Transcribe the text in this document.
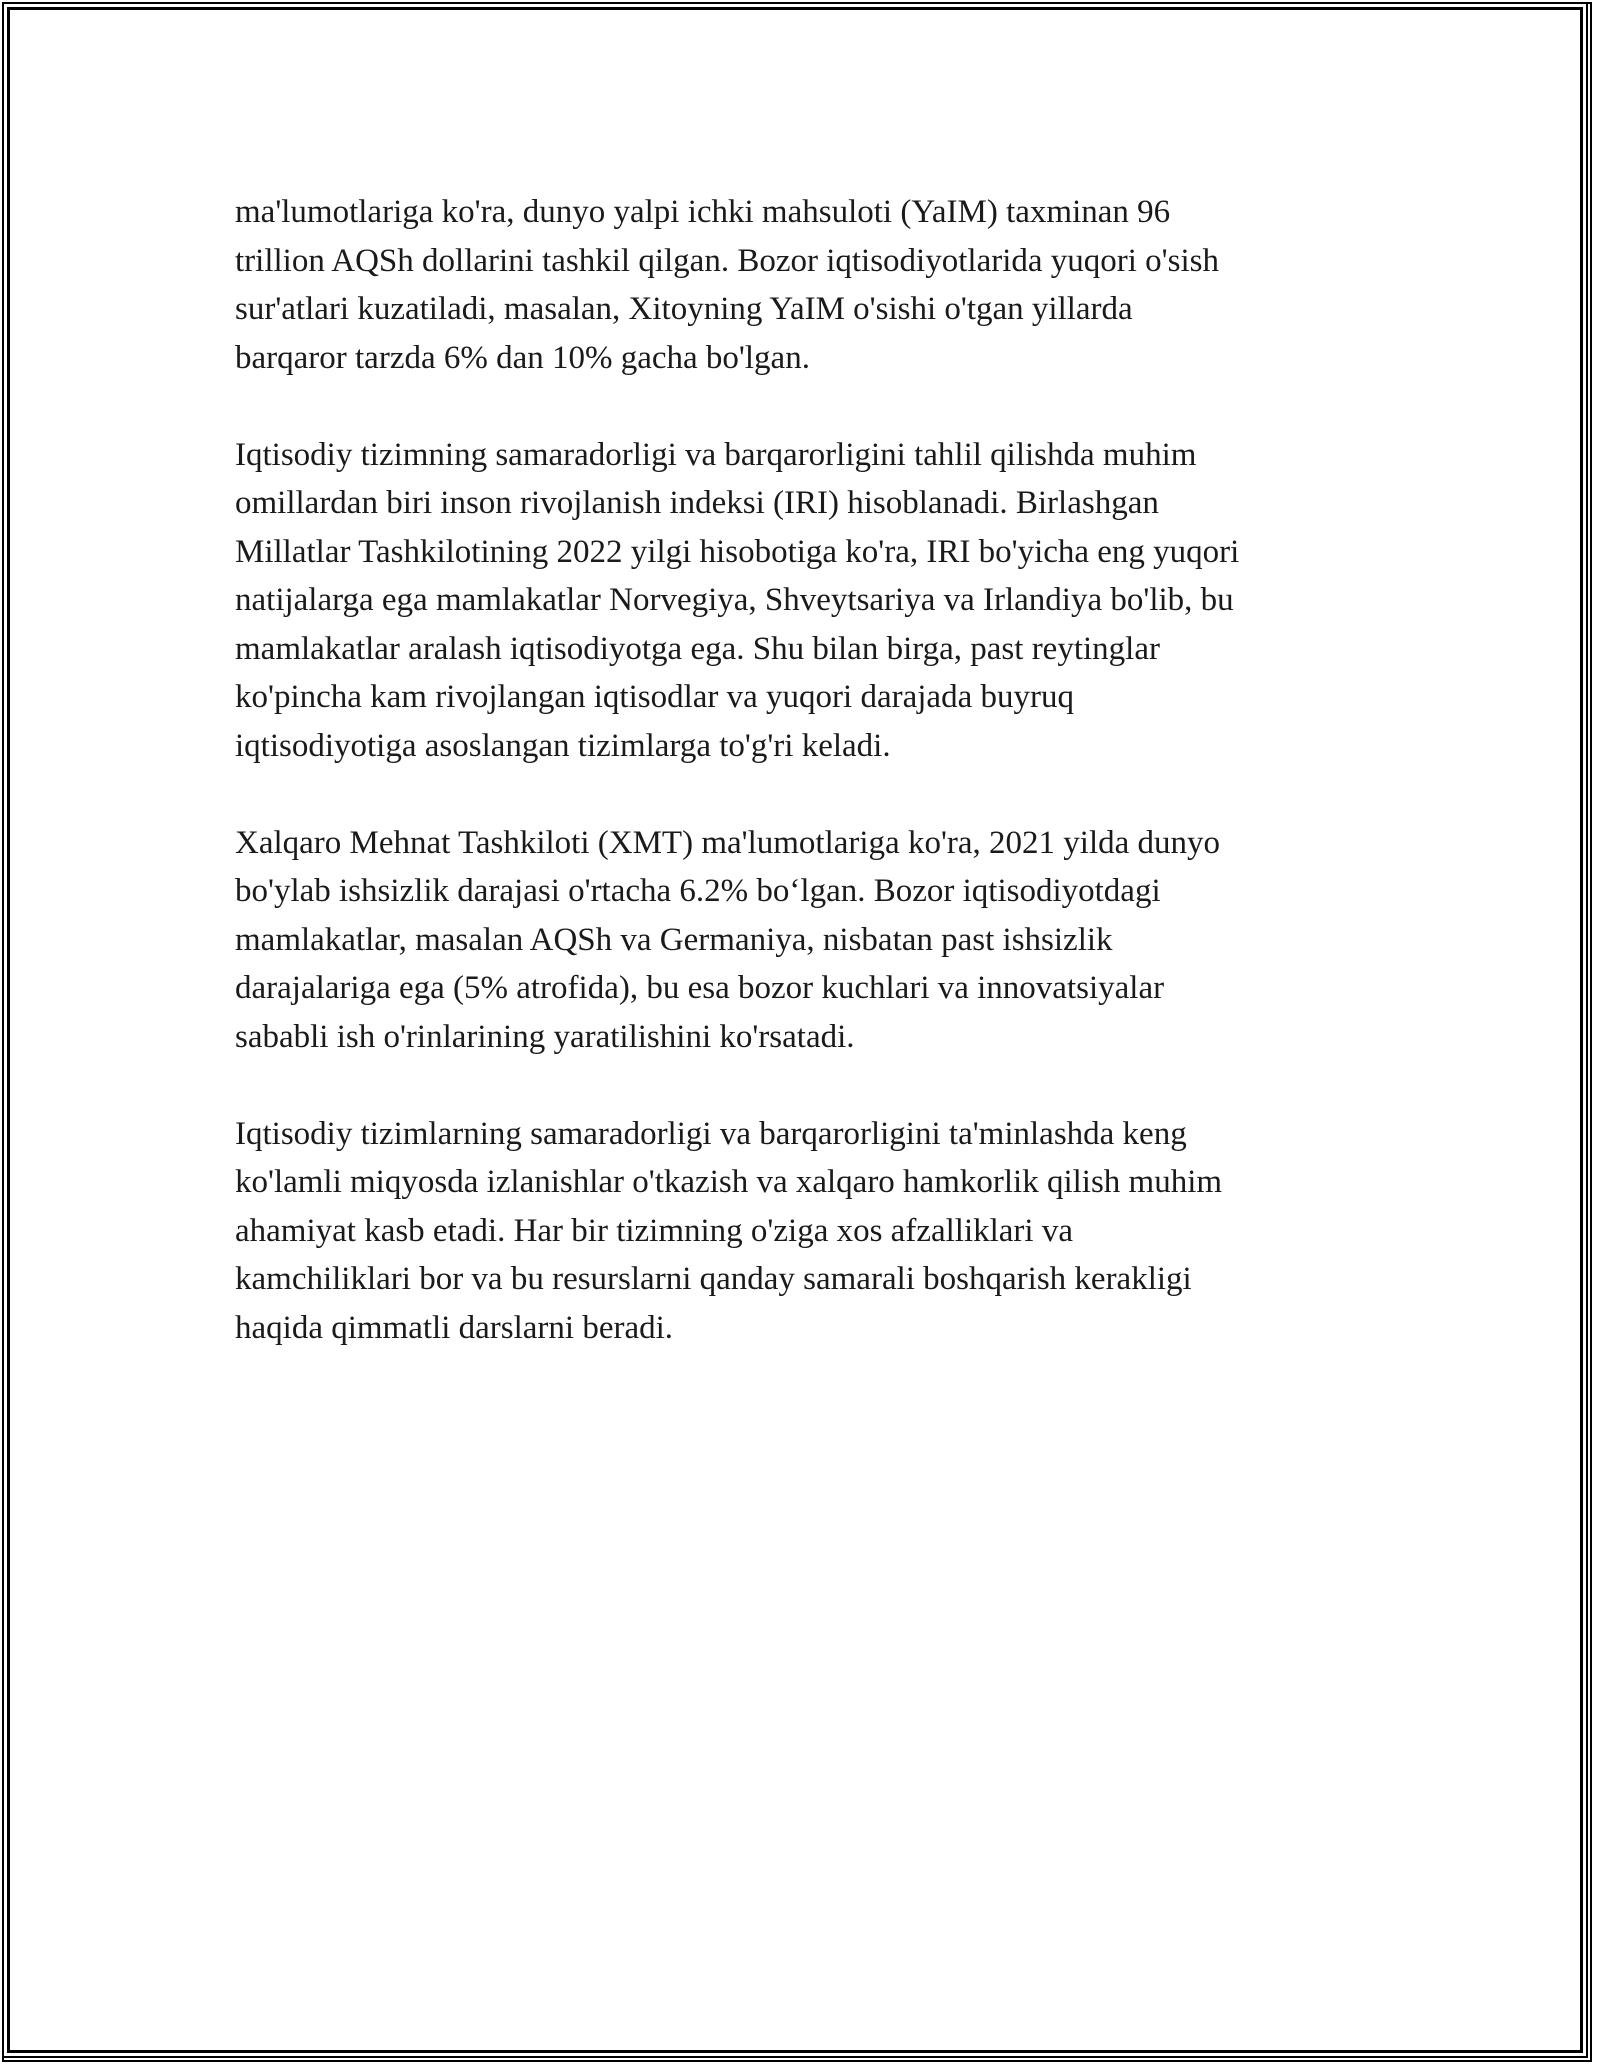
ma'lumotlariga ko'ra, dunyo yalpi ichki mahsuloti (YaIM) taxminan 96
trillion AQSh dollarini tashkil qilgan. Bozor iqtisodiyotlarida yuqori o'sish
sur'atlari kuzatiladi, masalan, Xitoyning YaIM o'sishi o'tgan yillarda
barqaror tarzda 6% dan 10% gacha bo'lgan.
Iqtisodiy tizimning samaradorligi va barqarorligini tahlil qilishda muhim
omillardan biri inson rivojlanish indeksi (IRI) hisoblanadi. Birlashgan
Millatlar Tashkilotining 2022 yilgi hisobotiga ko'ra, IRI bo'yicha eng yuqori
natijalarga ega mamlakatlar Norvegiya, Shveytsariya va Irlandiya bo'lib, bu
mamlakatlar aralash iqtisodiyotga ega. Shu bilan birga, past reytinglar
ko'pincha kam rivojlangan iqtisodlar va yuqori darajada buyruq
iqtisodiyotiga asoslangan tizimlarga to'g'ri keladi.
Xalqaro Mehnat Tashkiloti (XMT) ma'lumotlariga ko'ra, 2021 yilda dunyo
bo'ylab ishsizlik darajasi o'rtacha 6.2% bo‘lgan. Bozor iqtisodiyotdagi
mamlakatlar, masalan AQSh va Germaniya, nisbatan past ishsizlik
darajalariga ega (5% atrofida), bu esa bozor kuchlari va innovatsiyalar
sababli ish o'rinlarining yaratilishini ko'rsatadi.
Iqtisodiy tizimlarning samaradorligi va barqarorligini ta'minlashda keng
ko'lamli miqyosda izlanishlar o'tkazish va xalqaro hamkorlik qilish muhim
ahamiyat kasb etadi. Har bir tizimning o'ziga xos afzalliklari va
kamchiliklari bor va bu resurslarni qanday samarali boshqarish kerakligi
haqida qimmatli darslarni beradi.
